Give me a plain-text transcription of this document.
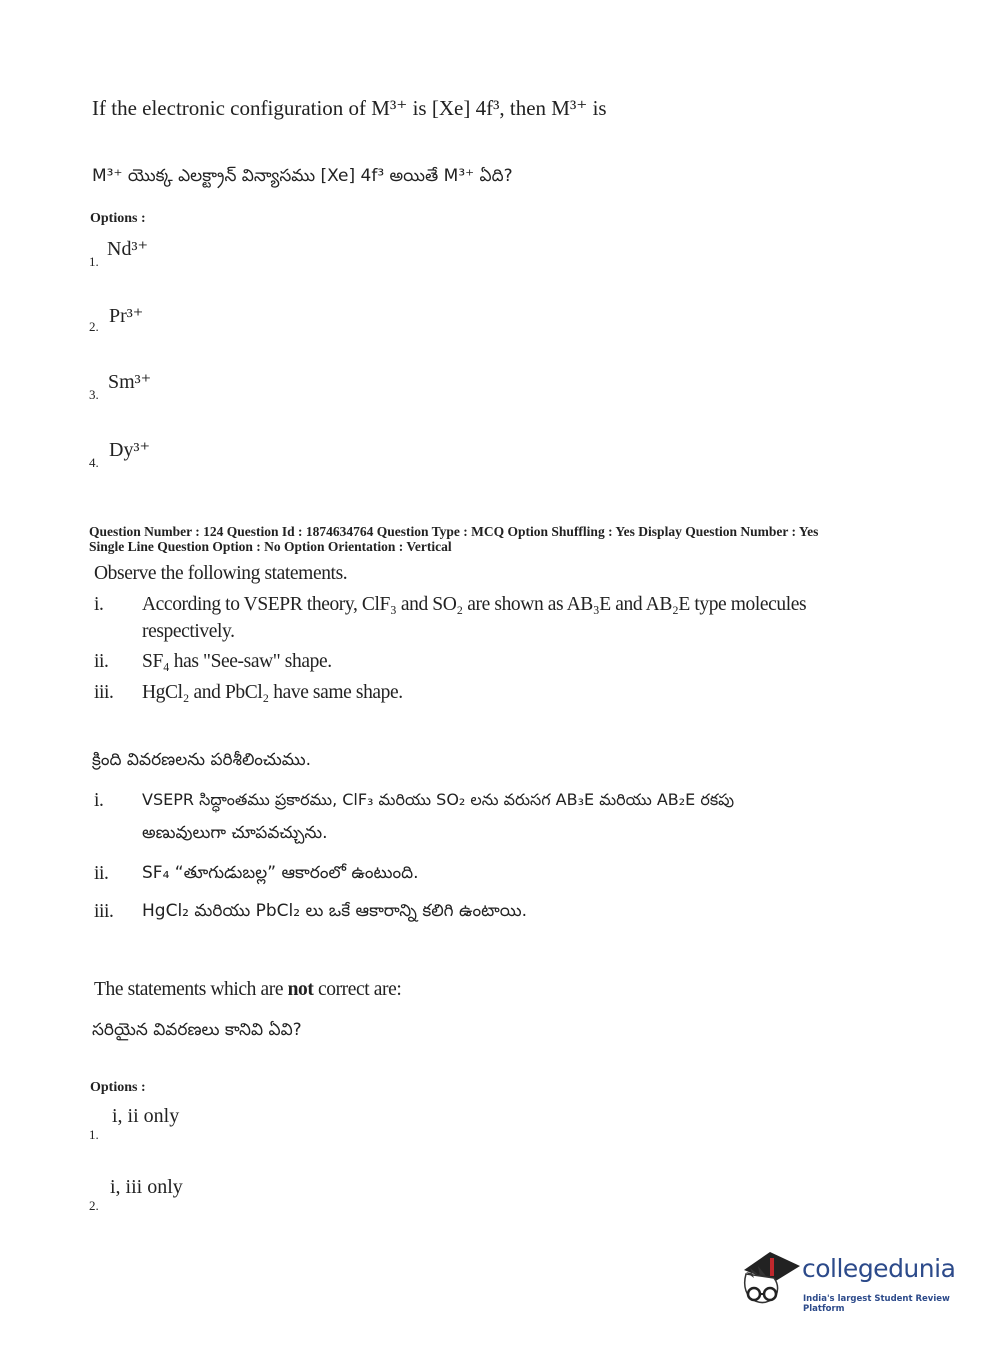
If the electronic configuration of M³⁺ is [Xe] 4f³, then M³⁺ is
M³⁺ యొక్క ఎలక్ట్రాన్ విన్యాసము [Xe] 4f³ అయితే M³⁺ ఏది?
Options :
1.
Nd³⁺
2. Pr³⁺
3.
Sm³⁺
4.
Dy³⁺
Question Number : 124 Question Id : 1874634764 Question Type : MCQ Option Shuffling : Yes Display Question Number : Yes
Single Line Question Option : No Option Orientation : Vertical
Observe the following statements.
i. According to VSEPR theory, ClF₃ and SO₂ are shown as AB₃E and AB₂E type molecules
respectively.
ii. SF₄ has "See-saw" shape.
iii. HgCl₂ and PbCl₂ have same shape.
క్రింది వివరణలను పరిశీలించుము.
i. VSEPR సిద్ధాంతము ప్రకారము, ClF₃ మరియు SO₂ లను వరుసగ AB₃E మరియు AB₂E రకపు
అణువులుగా చూపవచ్చును.
ii. SF₄ “తూగుడుబల్ల” ఆకారంలో ఉంటుంది.
iii. HgCl₂ మరియు PbCl₂ లు ఒకే ఆకారాన్ని కలిగి ఉంటాయి.
The statements which are not correct are:
సరియైన వివరణలు కానివి ఏవి?
Options :
1.
i, ii only
2.
i, iii only
collegedunia
India's largest Student Review Platform
